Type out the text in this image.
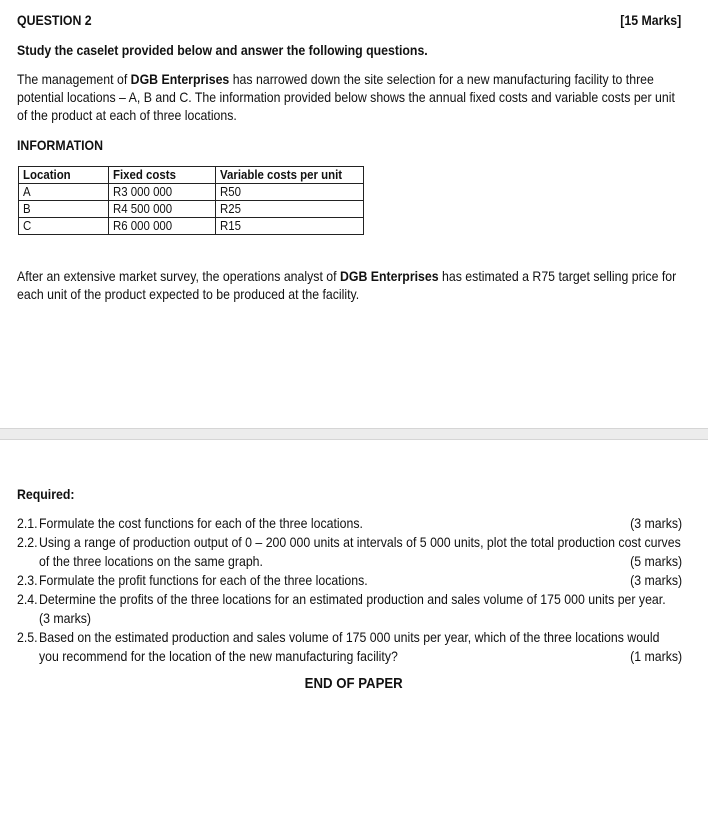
QUESTION 2	[15 Marks]
Study the caselet provided below and answer the following questions.
The management of DGB Enterprises has narrowed down the site selection for a new manufacturing facility to three
potential locations – A, B and C. The information provided below shows the annual fixed costs and variable costs per unit
of the product at each of three locations.
INFORMATION
Location	Fixed costs	Variable costs per unit
A	R3 000 000	R50
B	R4 500 000	R25
C	R6 000 000	R15
After an extensive market survey, the operations analyst of DGB Enterprises has estimated a R75 target selling price for
each unit of the product expected to be produced at the facility.
Required:
2.1. Formulate the cost functions for each of the three locations.	(3 marks)
2.2. Using a range of production output of 0 – 200 000 units at intervals of 5 000 units, plot the total production cost curves
of the three locations on the same graph.	(5 marks)
2.3. Formulate the profit functions for each of the three locations.	(3 marks)
2.4. Determine the profits of the three locations for an estimated production and sales volume of 175 000 units per year.
(3 marks)
2.5. Based on the estimated production and sales volume of 175 000 units per year, which of the three locations would
you recommend for the location of the new manufacturing facility?	(1 marks)
END OF PAPER
